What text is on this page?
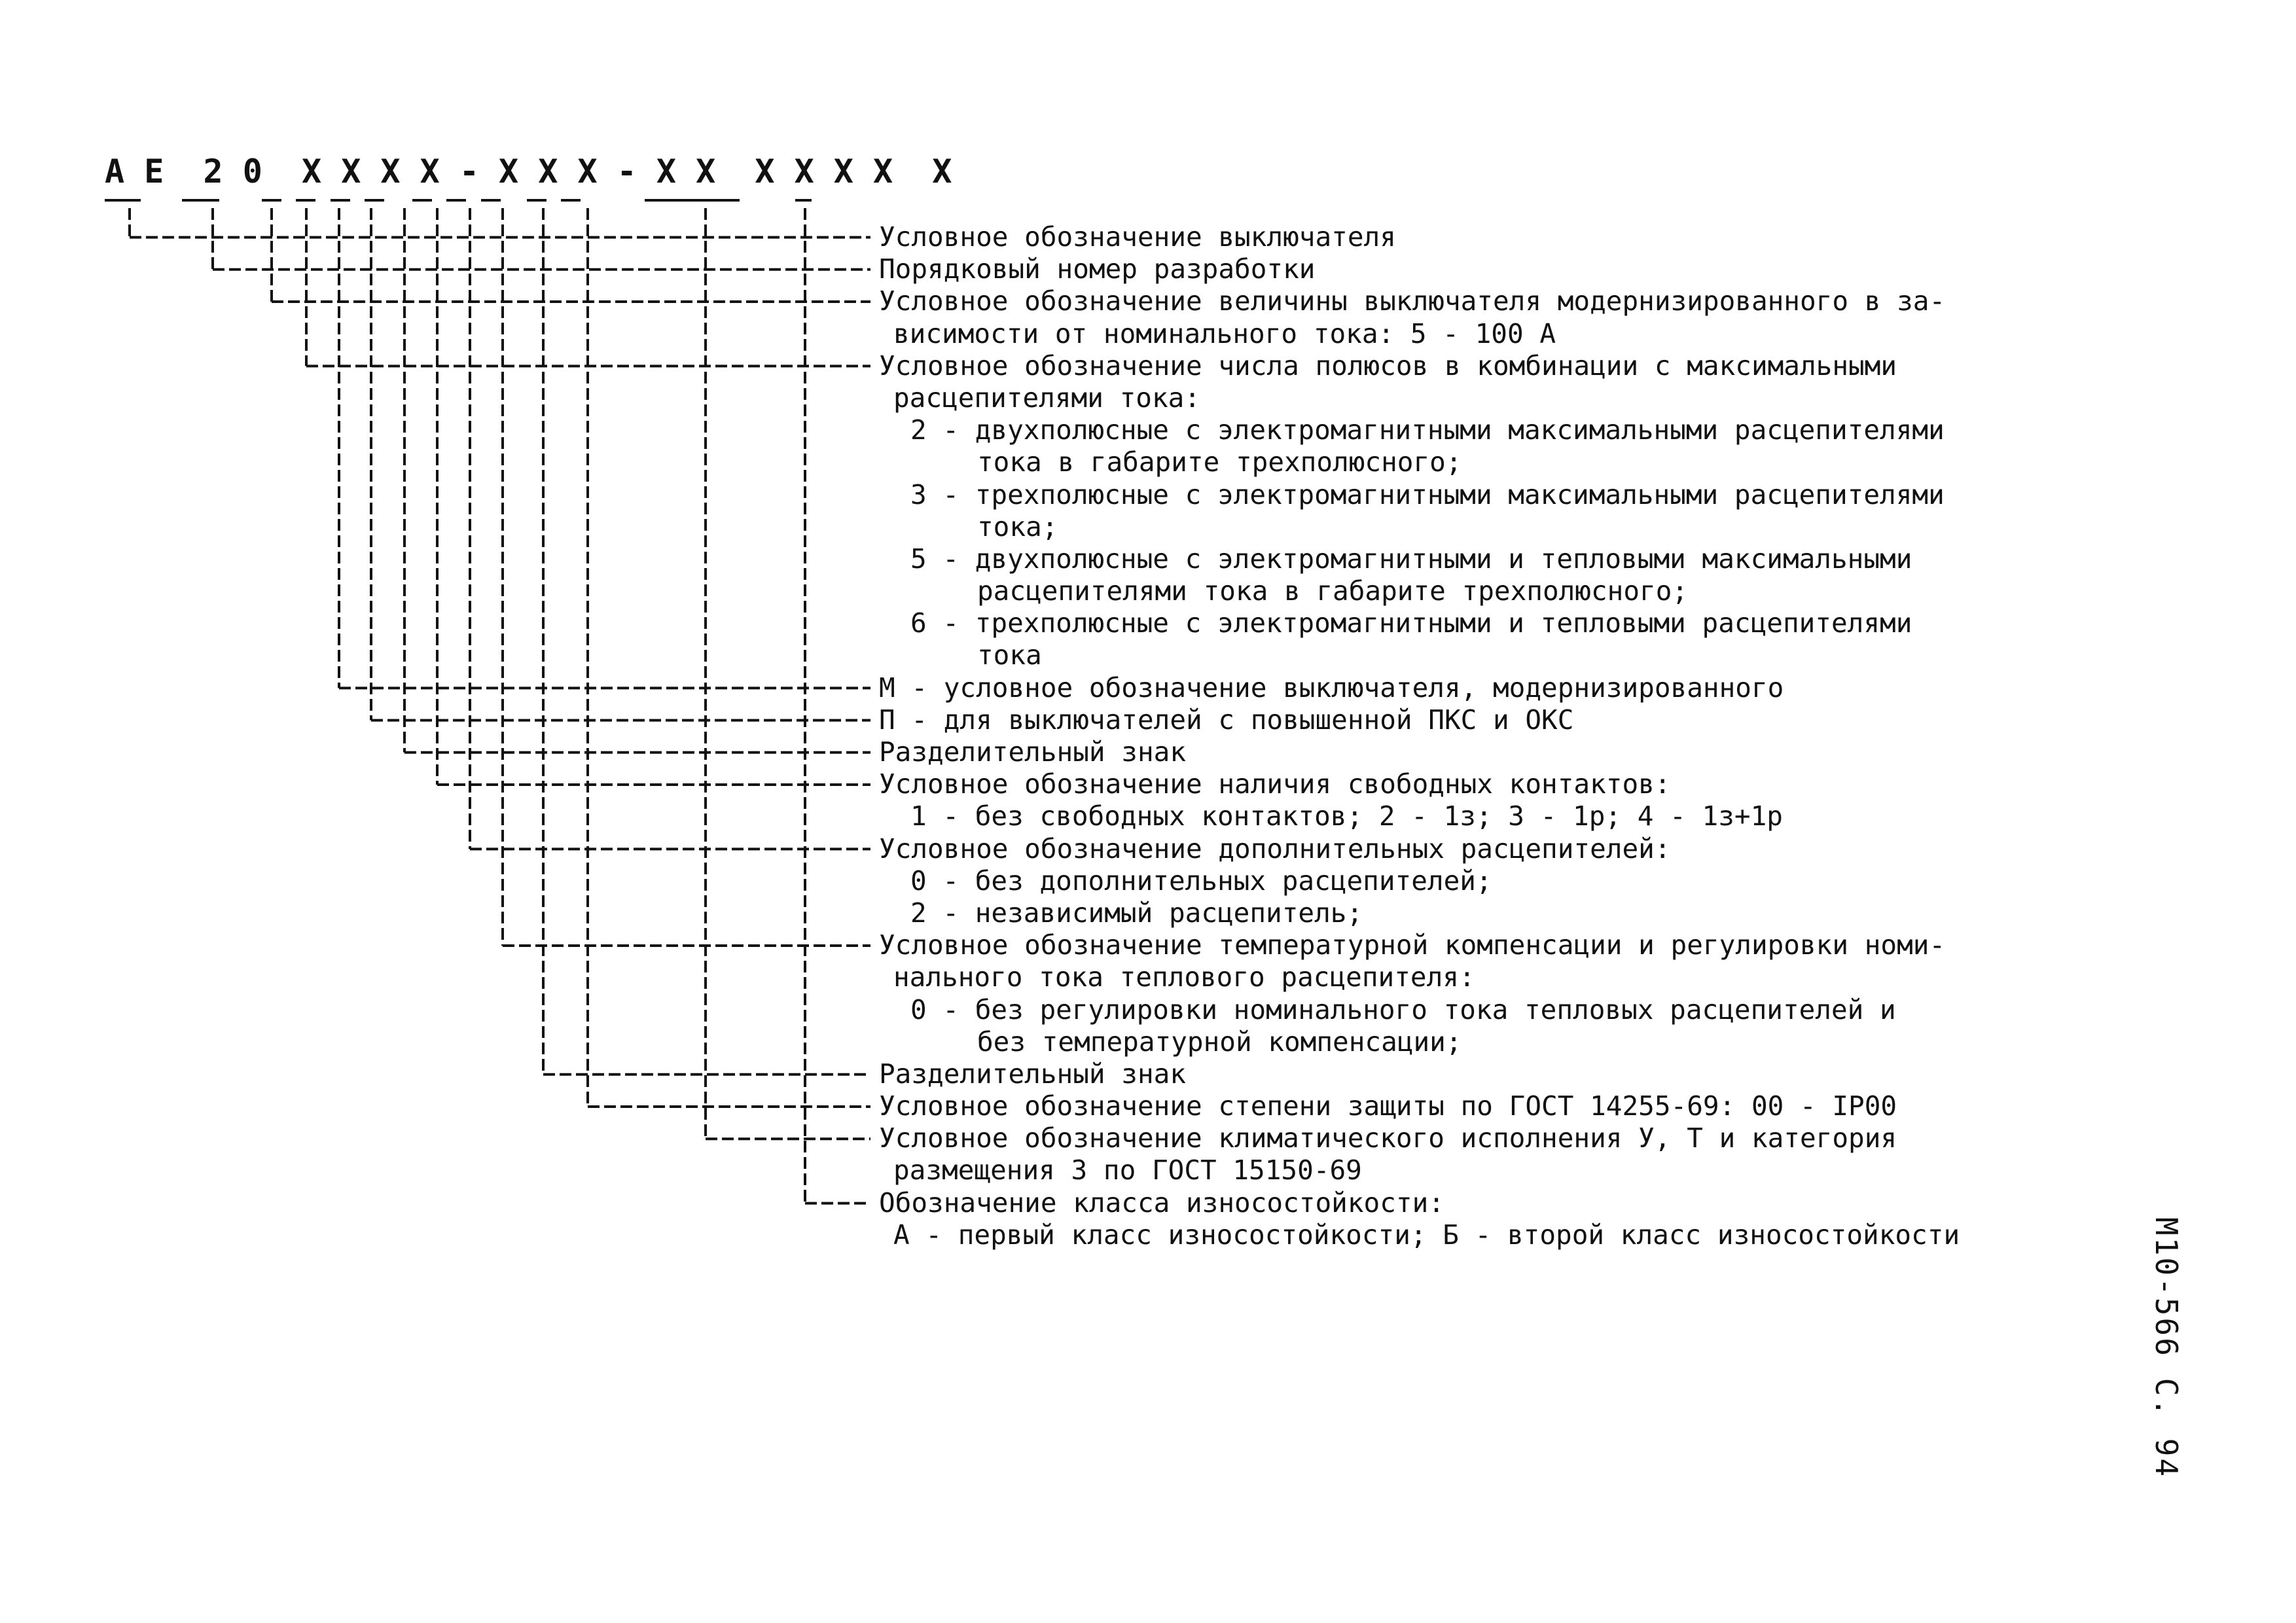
А Е  2 0  Х Х Х Х - Х Х Х - Х Х  Х Х Х Х  Х
Условное обозначение выключателя
Порядковый номер разработки
Условное обозначение величины выключателя модернизированного в за-
висимости от номинального тока: 5 - 100 А
Условное обозначение числа полюсов в комбинации с максимальными
расцепителями тока:
2 - двухполюсные с электромагнитными максимальными расцепителями
тока в габарите трехполюсного;
3 - трехполюсные с электромагнитными максимальными расцепителями
тока;
5 - двухполюсные с электромагнитными и тепловыми максимальными
расцепителями тока в габарите трехполюсного;
6 - трехполюсные с электромагнитными и тепловыми расцепителями
тока
М - условное обозначение выключателя, модернизированного
П - для выключателей с повышенной ПКС и ОКС
Разделительный знак
Условное обозначение наличия свободных контактов:
1 - без свободных контактов; 2 - 1з; 3 - 1р; 4 - 1з+1р
Условное обозначение дополнительных расцепителей:
0 - без дополнительных расцепителей;
2 - независимый расцепитель;
Условное обозначение температурной компенсации и регулировки номи-
нального тока теплового расцепителя:
0 - без регулировки номинального тока тепловых расцепителей и
без температурной компенсации;
Разделительный знак
Условное обозначение степени защиты по ГОСТ 14255-69: 00 - IP00
Условное обозначение климатического исполнения У, Т и категория
размещения 3 по ГОСТ 15150-69
Обозначение класса износостойкости:
А - первый класс износостойкости; Б - второй класс износостойкости	М10-566 С. 94
